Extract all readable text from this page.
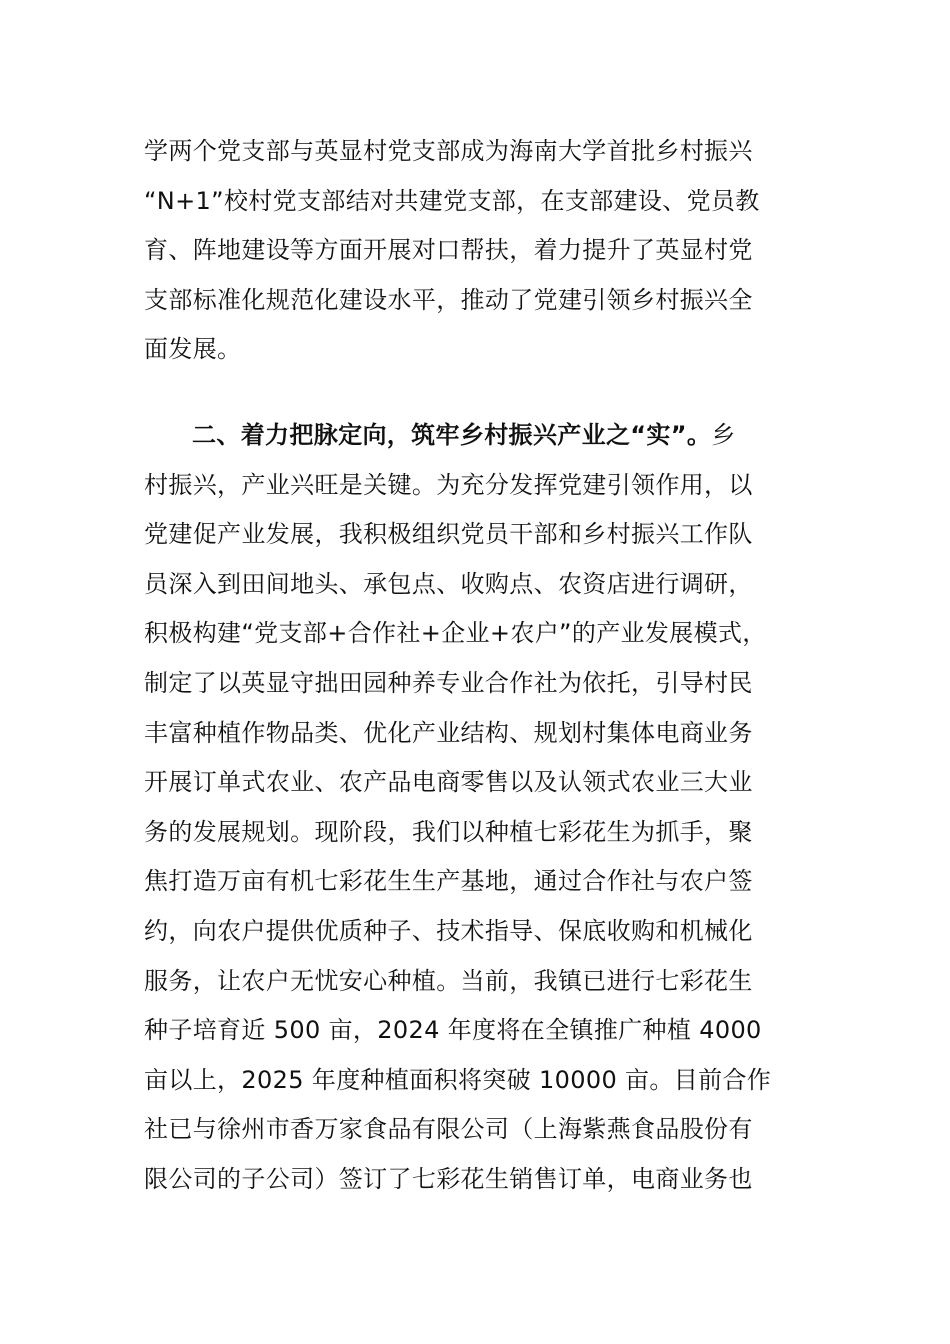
学两个党支部与英显村党支部成为海南大学首批乡村振兴
“N+1”校村党支部结对共建党支部，在支部建设、党员教
育、阵地建设等方面开展对口帮扶，着力提升了英显村党
支部标准化规范化建设水平，推动了党建引领乡村振兴全
面发展。
二、着力把脉定向，筑牢乡村振兴产业之“实”。乡
村振兴，产业兴旺是关键。为充分发挥党建引领作用，以
党建促产业发展，我积极组织党员干部和乡村振兴工作队
员深入到田间地头、承包点、收购点、农资店进行调研，
积极构建“党支部+合作社+企业+农户”的产业发展模式，
制定了以英显守拙田园种养专业合作社为依托，引导村民
丰富种植作物品类、优化产业结构、规划村集体电商业务
开展订单式农业、农产品电商零售以及认领式农业三大业
务的发展规划。现阶段，我们以种植七彩花生为抓手，聚
焦打造万亩有机七彩花生生产基地，通过合作社与农户签
约，向农户提供优质种子、技术指导、保底收购和机械化
服务，让农户无忧安心种植。当前，我镇已进行七彩花生
种子培育近 500 亩，2024 年度将在全镇推广种植 4000
亩以上，2025 年度种植面积将突破 10000 亩。目前合作
社已与徐州市香万家食品有限公司（上海紫燕食品股份有
限公司的子公司）签订了七彩花生销售订单，电商业务也
